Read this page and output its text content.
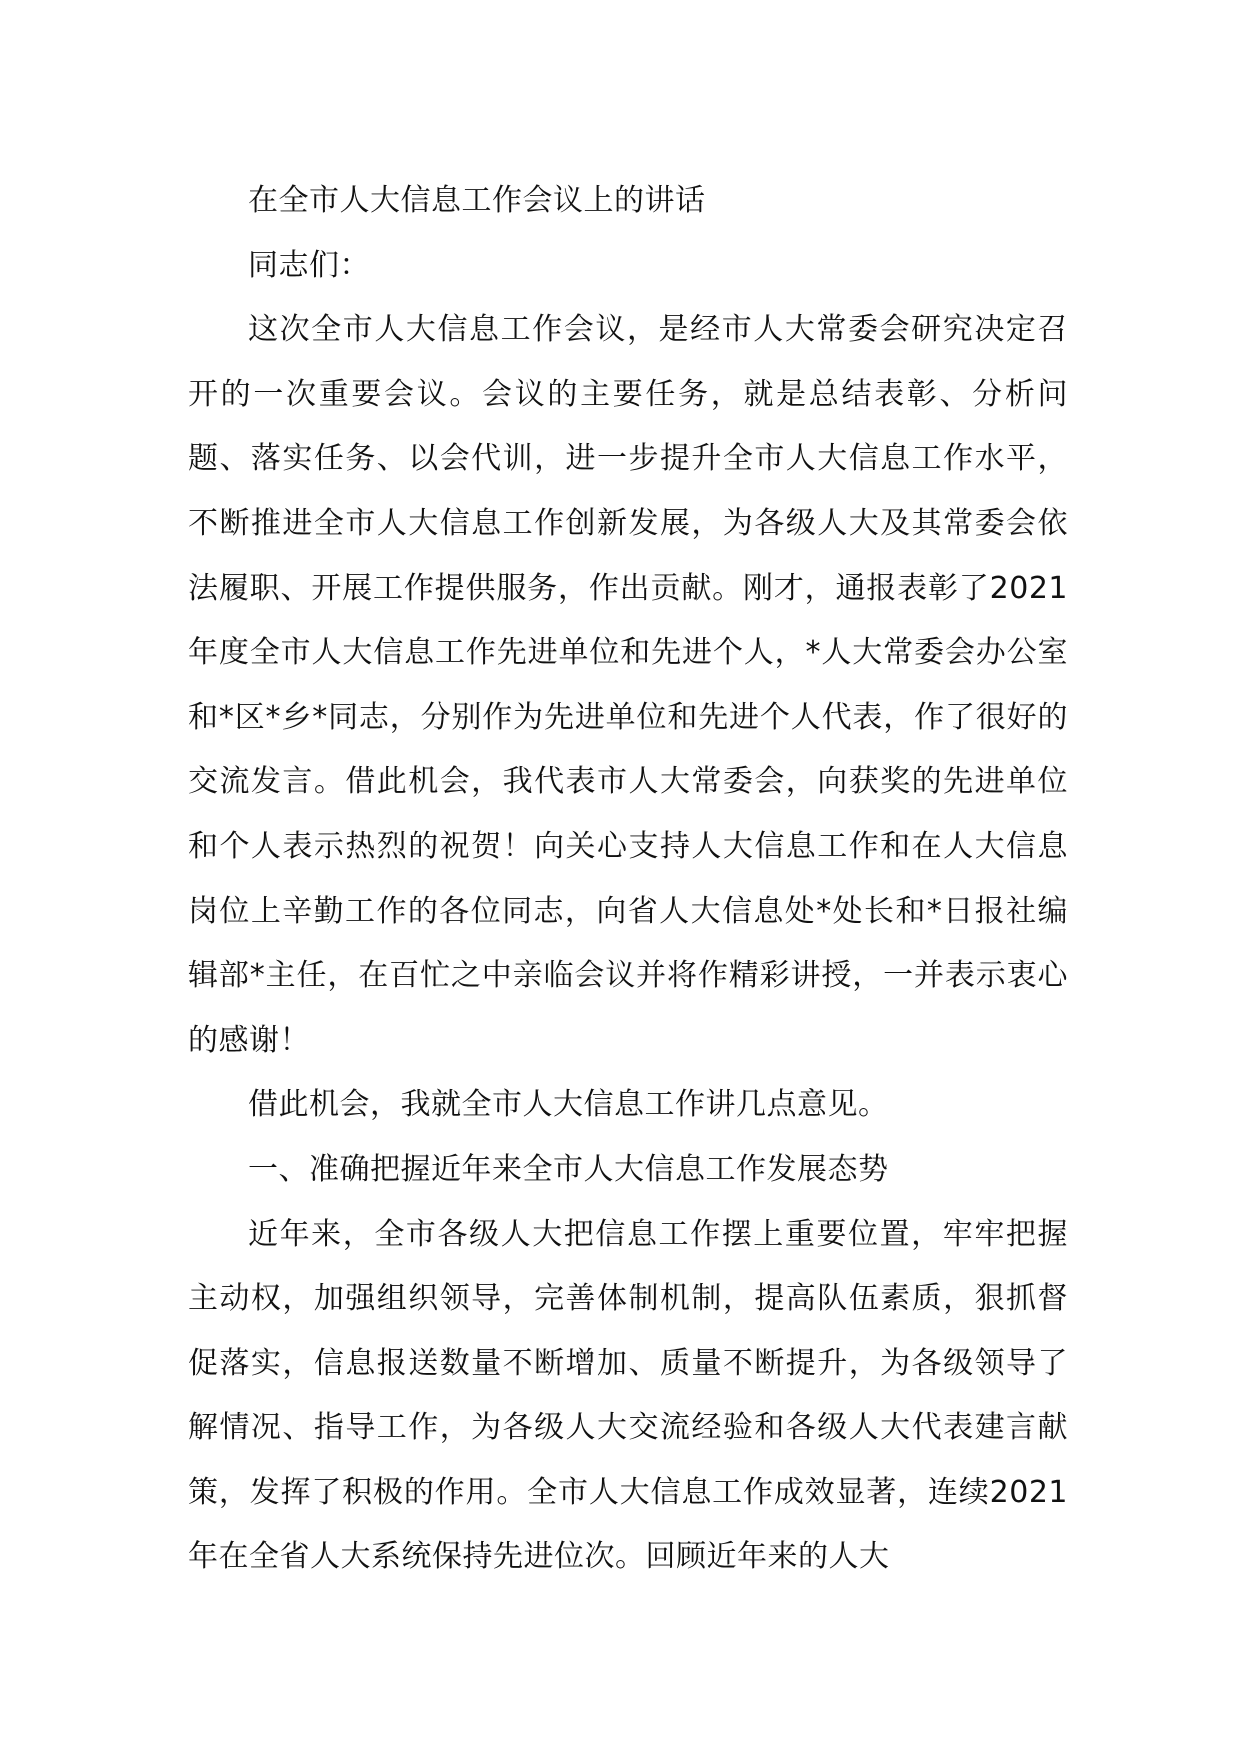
在全市人大信息工作会议上的讲话

同志们：

这次全市人大信息工作会议，是经市人大常委会研究决定召开的一次重要会议。会议的主要任务，就是总结表彰、分析问题、落实任务、以会代训，进一步提升全市人大信息工作水平，不断推进全市人大信息工作创新发展，为各级人大及其常委会依法履职、开展工作提供服务，作出贡献。刚才，通报表彰了2021年度全市人大信息工作先进单位和先进个人，*人大常委会办公室和*区*乡*同志，分别作为先进单位和先进个人代表，作了很好的交流发言。借此机会，我代表市人大常委会，向获奖的先进单位和个人表示热烈的祝贺！向关心支持人大信息工作和在人大信息岗位上辛勤工作的各位同志，向省人大信息处*处长和*日报社编辑部*主任，在百忙之中亲临会议并将作精彩讲授，一并表示衷心的感谢！

借此机会，我就全市人大信息工作讲几点意见。

一、准确把握近年来全市人大信息工作发展态势

近年来，全市各级人大把信息工作摆上重要位置，牢牢把握主动权，加强组织领导，完善体制机制，提高队伍素质，狠抓督促落实，信息报送数量不断增加、质量不断提升，为各级领导了解情况、指导工作，为各级人大交流经验和各级人大代表建言献策，发挥了积极的作用。全市人大信息工作成效显著，连续2021年在全省人大系统保持先进位次。回顾近年来的人大
